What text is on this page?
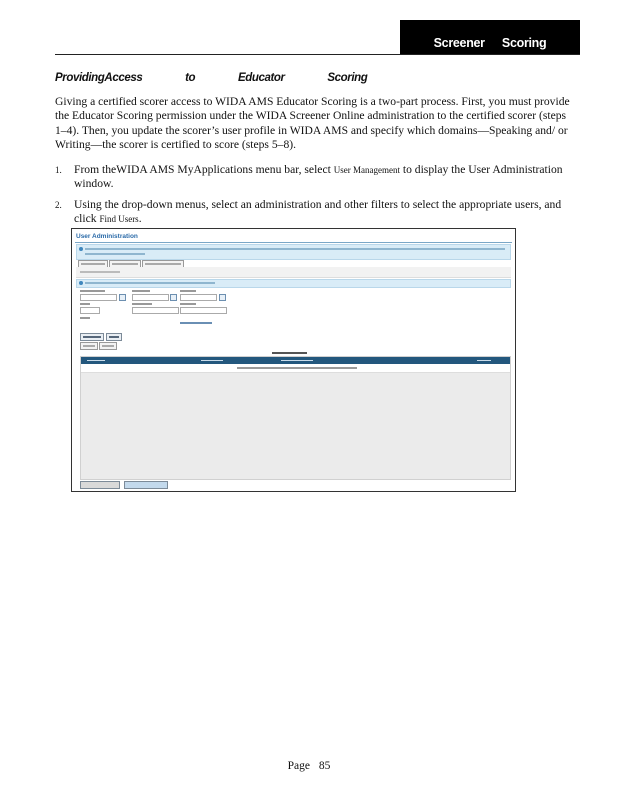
Screener Scoring
ProvidingAccess to Educator Scoring

Giving a certified scorer access to WIDA AMS Educator Scoring is a two-part process. First, you must provide the Educator Scoring permission under the WIDA Screener Online administration to the certified scorer (steps 1–4). Then, you update the scorer’s user profile in WIDA AMS and specify which domains—Speaking and/ or Writing—the scorer is certified to score (steps 5–8).

1. From theWIDA AMS MyApplications menu bar, select User Management to display the User Administration window.
2. Using the drop-down menus, select an administration and other filters to select the appropriate users, and click Find Users.
User Administration
Page 85
